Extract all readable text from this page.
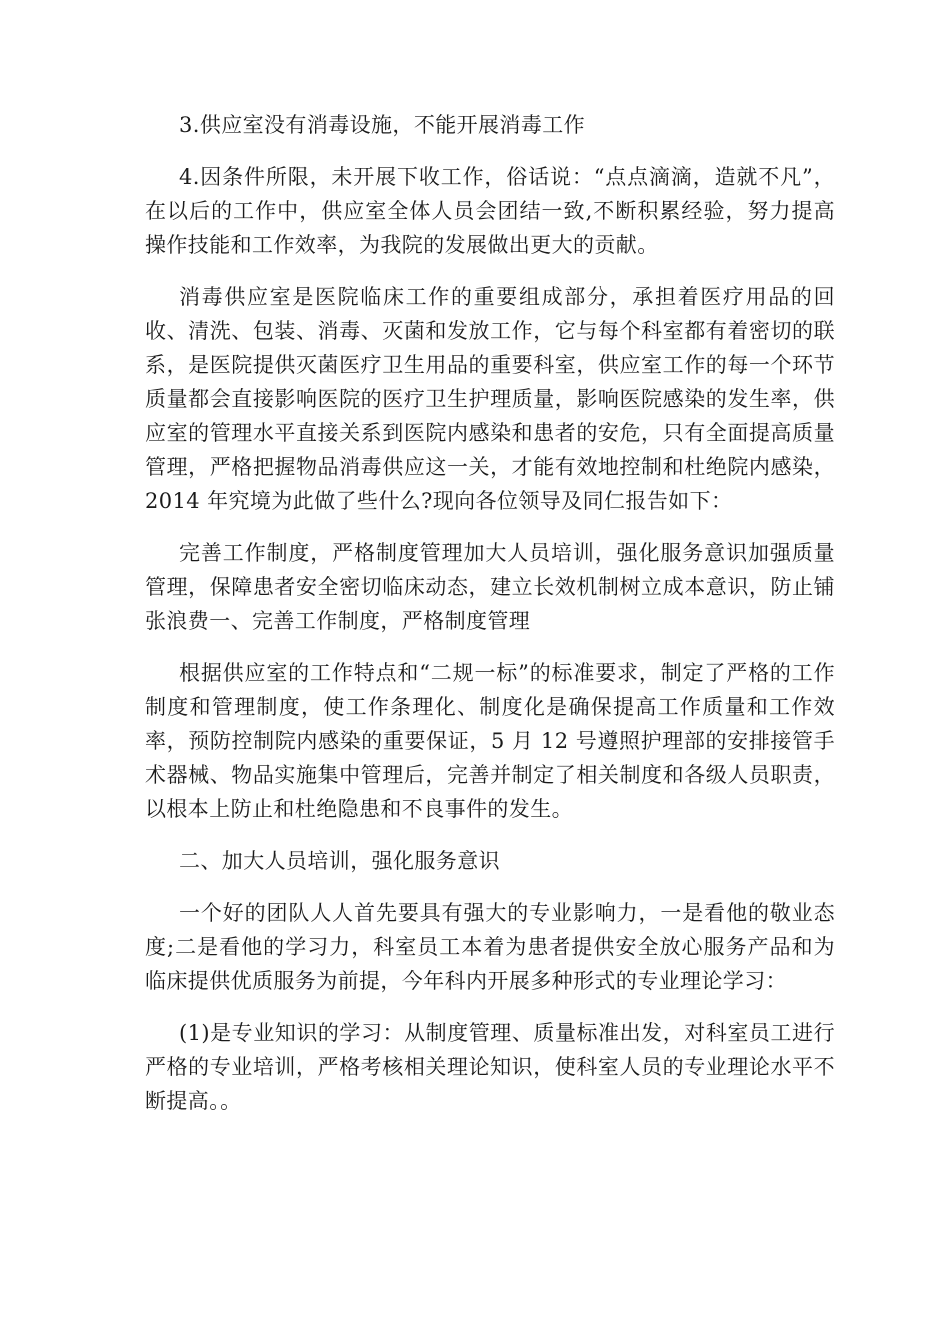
3.供应室没有消毒设施，不能开展消毒工作

4.因条件所限，未开展下收工作，俗话说：“点点滴滴，造就不凡”，在以后的工作中，供应室全体人员会团结一致,不断积累经验，努力提高操作技能和工作效率，为我院的发展做出更大的贡献。

消毒供应室是医院临床工作的重要组成部分，承担着医疗用品的回收、清洗、包装、消毒、灭菌和发放工作，它与每个科室都有着密切的联系，是医院提供灭菌医疗卫生用品的重要科室，供应室工作的每一个环节质量都会直接影响医院的医疗卫生护理质量，影响医院感染的发生率，供应室的管理水平直接关系到医院内感染和患者的安危，只有全面提高质量管理，严格把握物品消毒供应这一关，才能有效地控制和杜绝院内感染，2014 年究境为此做了些什么?现向各位领导及同仁报告如下：

完善工作制度，严格制度管理加大人员培训，强化服务意识加强质量管理，保障患者安全密切临床动态，建立长效机制树立成本意识，防止铺张浪费一、完善工作制度，严格制度管理

根据供应室的工作特点和“二规一标”的标准要求，制定了严格的工作制度和管理制度，使工作条理化、制度化是确保提高工作质量和工作效率，预防控制院内感染的重要保证，5 月 12 号遵照护理部的安排接管手术器械、物品实施集中管理后，完善并制定了相关制度和各级人员职责，以根本上防止和杜绝隐患和不良事件的发生。

二、加大人员培训，强化服务意识

一个好的团队人人首先要具有强大的专业影响力，一是看他的敬业态度;二是看他的学习力，科室员工本着为患者提供安全放心服务产品和为临床提供优质服务为前提，今年科内开展多种形式的专业理论学习：

(1)是专业知识的学习：从制度管理、质量标准出发，对科室员工进行严格的专业培训，严格考核相关理论知识，使科室人员的专业理论水平不断提高。。
